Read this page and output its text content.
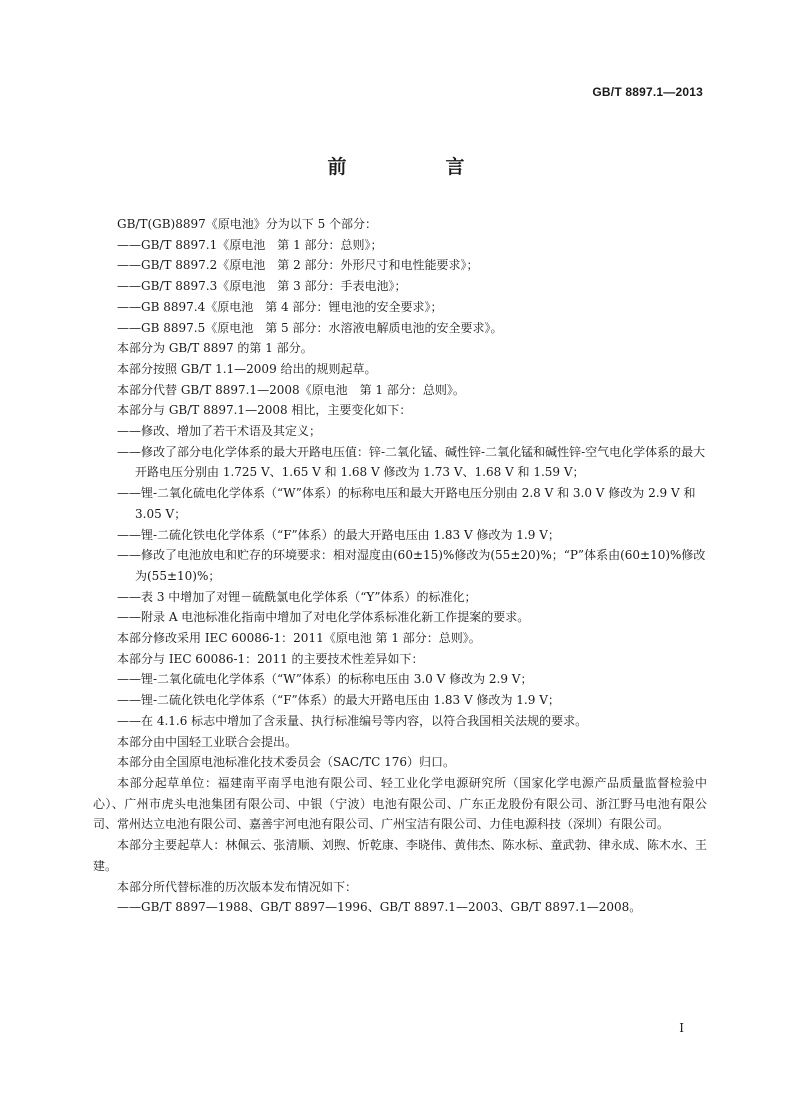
GB/T 8897.1—2013
前　言

GB/T(GB)8897《原电池》分为以下 5 个部分：

——GB/T 8897.1《原电池　第 1 部分：总则》；

——GB/T 8897.2《原电池　第 2 部分：外形尺寸和电性能要求》；

——GB/T 8897.3《原电池　第 3 部分：手表电池》；

——GB 8897.4《原电池　第 4 部分：锂电池的安全要求》；

——GB 8897.5《原电池　第 5 部分：水溶液电解质电池的安全要求》。

本部分为 GB/T 8897 的第 1 部分。

本部分按照 GB/T 1.1—2009 给出的规则起草。

本部分代替 GB/T 8897.1—2008《原电池　第 1 部分：总则》。

本部分与 GB/T 8897.1—2008 相比，主要变化如下：

——修改、增加了若干术语及其定义；

——修改了部分电化学体系的最大开路电压值：锌-二氧化锰、碱性锌-二氧化锰和碱性锌-空气电化学体系的最大开路电压分别由 1.725 V、1.65 V 和 1.68 V 修改为 1.73 V、1.68 V 和 1.59 V；

——锂-二氧化硫电化学体系（“W”体系）的标称电压和最大开路电压分别由 2.8 V 和 3.0 V 修改为 2.9 V 和 3.05 V；

——锂-二硫化铁电化学体系（“F”体系）的最大开路电压由 1.83 V 修改为 1.9 V；

——修改了电池放电和贮存的环境要求：相对湿度由(60±15)%修改为(55±20)%；“P”体系由(60±10)%修改为(55±10)%；

——表 3 中增加了对锂－硫酰氯电化学体系（“Y”体系）的标准化；

——附录 A 电池标准化指南中增加了对电化学体系标准化新工作提案的要求。

本部分修改采用 IEC 60086-1：2011《原电池 第 1 部分：总则》。

本部分与 IEC 60086-1：2011 的主要技术性差异如下：

——锂-二氧化硫电化学体系（“W”体系）的标称电压由 3.0 V 修改为 2.9 V；

——锂-二硫化铁电化学体系（“F”体系）的最大开路电压由 1.83 V 修改为 1.9 V；

——在 4.1.6 标志中增加了含汞量、执行标准编号等内容，以符合我国相关法规的要求。

本部分由中国轻工业联合会提出。

本部分由全国原电池标准化技术委员会（SAC/TC 176）归口。

本部分起草单位：福建南平南孚电池有限公司、轻工业化学电源研究所（国家化学电源产品质量监督检验中心）、广州市虎头电池集团有限公司、中银（宁波）电池有限公司、广东正龙股份有限公司、浙江野马电池有限公司、常州达立电池有限公司、嘉善宇河电池有限公司、广州宝洁有限公司、力佳电源科技（深圳）有限公司。

本部分主要起草人：林佩云、张清顺、刘煦、忻乾康、李晓伟、黄伟杰、陈水标、童武勃、律永成、陈木水、王建。

本部分所代替标准的历次版本发布情况如下：

——GB/T 8897—1988、GB/T 8897—1996、GB/T 8897.1—2003、GB/T 8897.1—2008。

I
